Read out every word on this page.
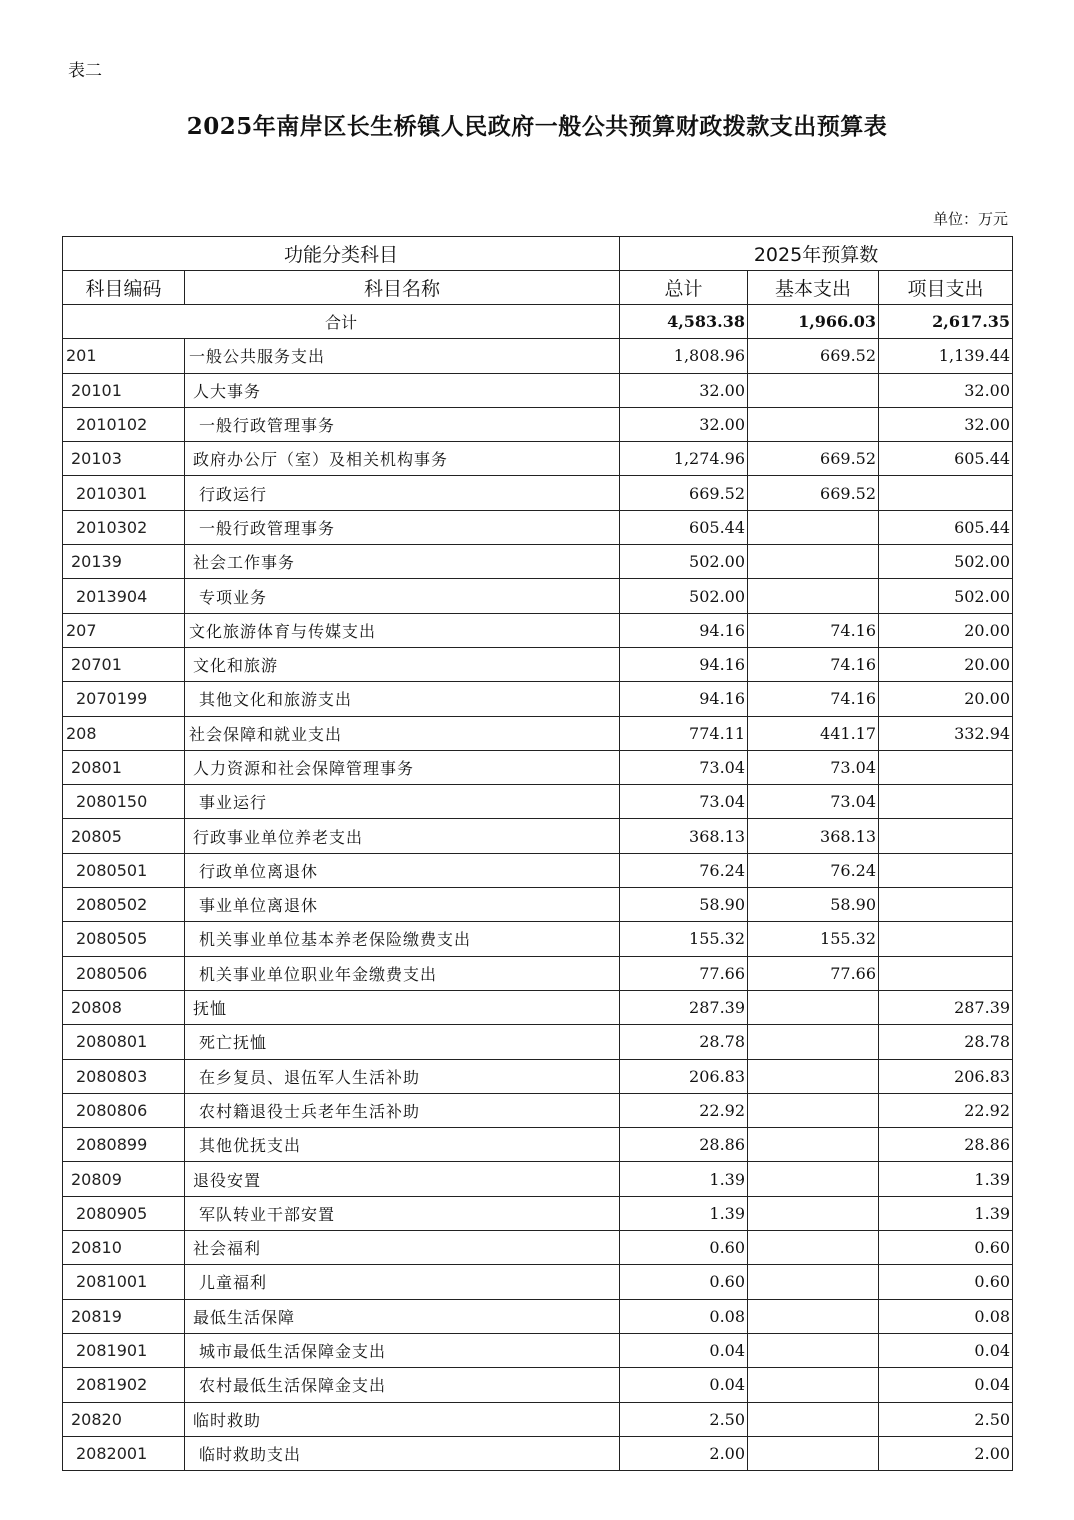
表二
2025年南岸区长生桥镇人民政府一般公共预算财政拨款支出预算表
单位：万元
功能分类科目		2025年预算数		
科目编码	科目名称	总计	基本支出	项目支出
合计		4,583.38	1,966.03	2,617.35
201	一般公共服务支出	1,808.96	669.52	1,139.44
20101	人大事务	32.00		32.00
2010102	一般行政管理事务	32.00		32.00
20103	政府办公厅（室）及相关机构事务	1,274.96	669.52	605.44
2010301	行政运行	669.52	669.52	
2010302	一般行政管理事务	605.44		605.44
20139	社会工作事务	502.00		502.00
2013904	专项业务	502.00		502.00
207	文化旅游体育与传媒支出	94.16	74.16	20.00
20701	文化和旅游	94.16	74.16	20.00
2070199	其他文化和旅游支出	94.16	74.16	20.00
208	社会保障和就业支出	774.11	441.17	332.94
20801	人力资源和社会保障管理事务	73.04	73.04	
2080150	事业运行	73.04	73.04	
20805	行政事业单位养老支出	368.13	368.13	
2080501	行政单位离退休	76.24	76.24	
2080502	事业单位离退休	58.90	58.90	
2080505	机关事业单位基本养老保险缴费支出	155.32	155.32	
2080506	机关事业单位职业年金缴费支出	77.66	77.66	
20808	抚恤	287.39		287.39
2080801	死亡抚恤	28.78		28.78
2080803	在乡复员、退伍军人生活补助	206.83		206.83
2080806	农村籍退役士兵老年生活补助	22.92		22.92
2080899	其他优抚支出	28.86		28.86
20809	退役安置	1.39		1.39
2080905	军队转业干部安置	1.39		1.39
20810	社会福利	0.60		0.60
2081001	儿童福利	0.60		0.60
20819	最低生活保障	0.08		0.08
2081901	城市最低生活保障金支出	0.04		0.04
2081902	农村最低生活保障金支出	0.04		0.04
20820	临时救助	2.50		2.50
2082001	临时救助支出	2.00		2.00
